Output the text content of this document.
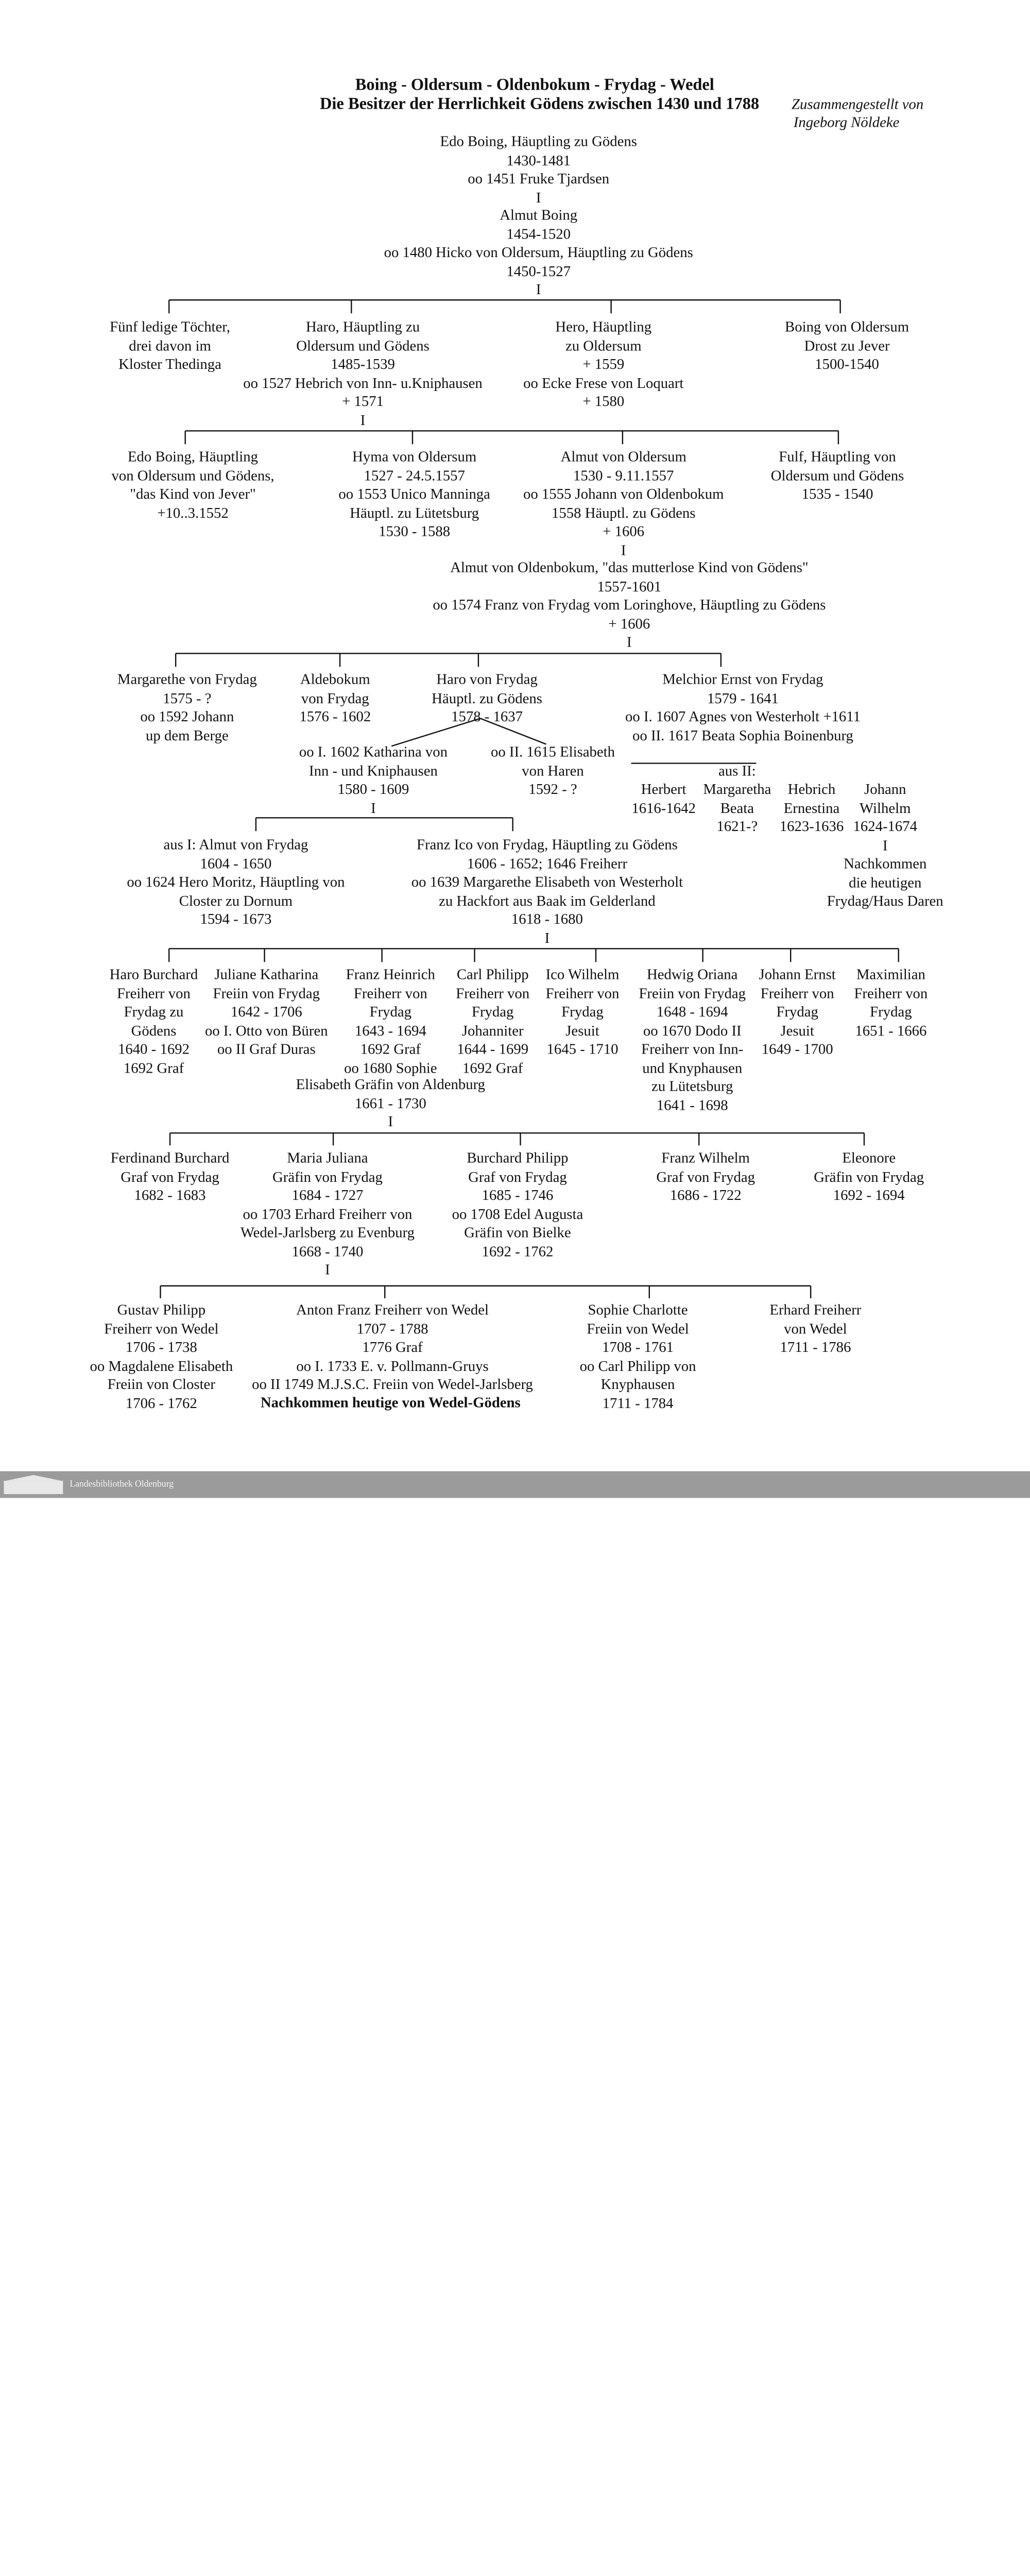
Boing - Oldersum - Oldenbokum - Frydag - Wedel
Die Besitzer der Herrlichkeit Gödens zwischen 1430 und 1788	Zusammengestellt von
Ingeborg Nöldeke
Edo Boing, Häuptling zu Gödens
1430-1481
oo 1451 Fruke Tjardsen
I
Almut Boing
1454-1520
oo 1480 Hicko von Oldersum, Häuptling zu Gödens
1450-1527
I
Fünf ledige Töchter,
drei davon im
Kloster Thedinga
Haro, Häuptling zu
Oldersum und Gödens
1485-1539
oo 1527 Hebrich von Inn- u.Kniphausen
+ 1571
I
Hero, Häuptling
zu Oldersum
+ 1559
oo Ecke Frese von Loquart
+ 1580
Boing von Oldersum
Drost zu Jever
1500-1540
Edo Boing, Häuptling
von Oldersum und Gödens,
"das Kind von Jever"
+10..3.1552
Hyma von Oldersum
1527 - 24.5.1557
oo 1553 Unico Manninga
Häuptl. zu Lütetsburg
1530 - 1588
Almut von Oldersum
1530 - 9.11.1557
oo 1555 Johann von Oldenbokum
1558 Häuptl. zu Gödens
+ 1606
I
Fulf, Häuptling von
Oldersum und Gödens
1535 - 1540
Almut von Oldenbokum, "das mutterlose Kind von Gödens"
1557-1601
oo 1574 Franz von Frydag vom Loringhove, Häuptling zu Gödens
+ 1606
I
Margarethe von Frydag
1575 - ?
oo 1592 Johann
up dem Berge
Aldebokum
von Frydag
1576 - 1602
Haro von Frydag
Häuptl. zu Gödens
1578 - 1637
Melchior Ernst von Frydag
1579 - 1641
oo I. 1607 Agnes von Westerholt +1611
oo II. 1617 Beata Sophia Boinenburg
oo I. 1602 Katharina von
Inn - und Kniphausen
1580 - 1609
I
oo II. 1615 Elisabeth
von Haren
1592 - ?
aus II:
Herbert
1616-1642
Margaretha
Beata
1621-?
Hebrich
Ernestina
1623-1636
Johann
Wilhelm
1624-1674
I
Nachkommen
die heutigen
Frydag/Haus Daren
aus I: Almut von Frydag
1604 - 1650
oo 1624 Hero Moritz, Häuptling von
Closter zu Dornum
1594 - 1673
Franz Ico von Frydag, Häuptling zu Gödens
1606 - 1652; 1646 Freiherr
oo 1639 Margarethe Elisabeth von Westerholt
zu Hackfort aus Baak im Gelderland
1618 - 1680
I
Haro Burchard
Freiherr von
Frydag zu
Gödens
1640 - 1692
1692 Graf
Juliane Katharina
Freiin von Frydag
1642 - 1706
oo I. Otto von Büren
oo II Graf Duras
Franz Heinrich
Freiherr von
Frydag
1643 - 1694
1692 Graf
oo 1680 Sophie
Elisabeth Gräfin von Aldenburg
1661 - 1730
I
Carl Philipp
Freiherr von
Frydag
Johanniter
1644 - 1699
1692 Graf
Ico Wilhelm
Freiherr von
Frydag
Jesuit
1645 - 1710
Hedwig Oriana
Freiin von Frydag
1648 - 1694
oo 1670 Dodo II
Freiherr von Inn-
und Knyphausen
zu Lütetsburg
1641 - 1698
Johann Ernst
Freiherr von
Frydag
Jesuit
1649 - 1700
Maximilian
Freiherr von
Frydag
1651 - 1666
Ferdinand Burchard
Graf von Frydag
1682 - 1683
Maria Juliana
Gräfin von Frydag
1684 - 1727
oo 1703 Erhard Freiherr von
Wedel-Jarlsberg zu Evenburg
1668 - 1740
I
Burchard Philipp
Graf von Frydag
1685 - 1746
oo 1708 Edel Augusta
Gräfin von Bielke
1692 - 1762
Franz Wilhelm
Graf von Frydag
1686 - 1722
Eleonore
Gräfin von Frydag
1692 - 1694
Gustav Philipp
Freiherr von Wedel
1706 - 1738
oo Magdalene Elisabeth
Freiin von Closter
1706 - 1762
Anton Franz Freiherr von Wedel
1707 - 1788
1776 Graf
oo I. 1733 E. v. Pollmann-Gruys
oo II 1749 M.J.S.C. Freiin von Wedel-Jarlsberg
Nachkommen heutige von Wedel-Gödens
Sophie Charlotte
Freiin von Wedel
1708 - 1761
oo Carl Philipp von
Knyphausen
1711 - 1784
Erhard Freiherr
von Wedel
1711 - 1786
Landesbibliothek Oldenburg
